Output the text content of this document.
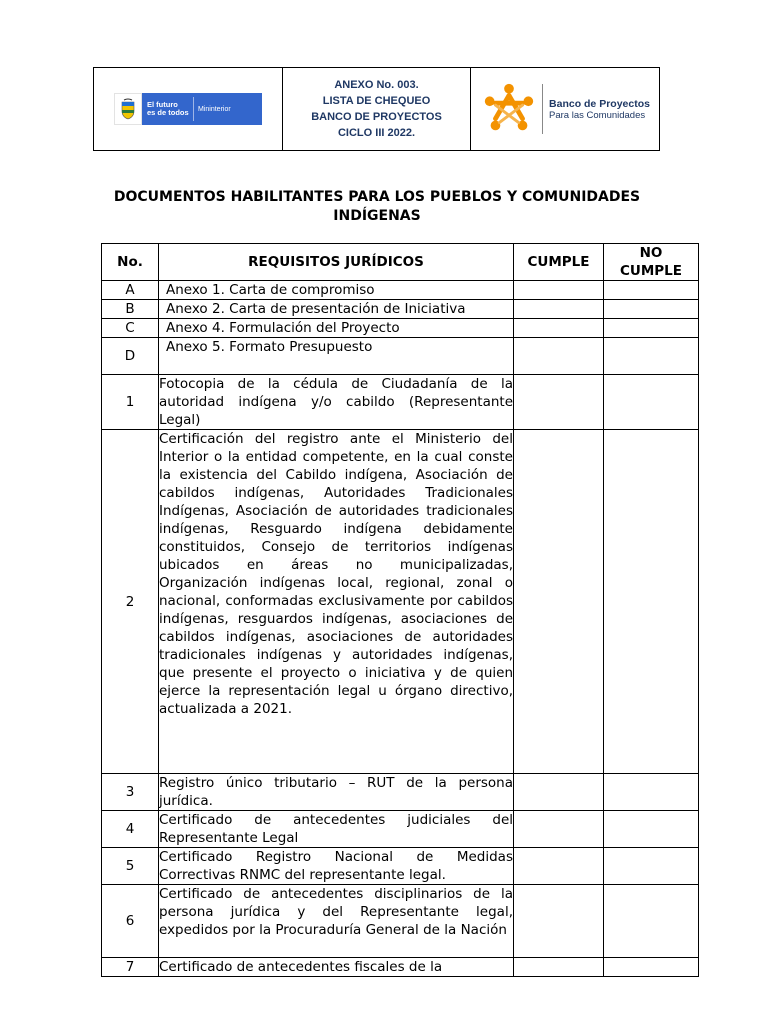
El futuro
es de todos Mininterior
ANEXO No. 003.
LISTA DE CHEQUEO
BANCO DE PROYECTOS
CICLO III 2022.
Banco de Proyectos
Para las Comunidades
DOCUMENTOS HABILITANTES PARA LOS PUEBLOS Y COMUNIDADES
INDÍGENAS
No.	REQUISITOS JURÍDICOS	CUMPLE	NO
CUMPLE

A	Anexo 1. Carta de compromiso		
B	Anexo 2. Carta de presentación de Iniciativa		
C	Anexo 4. Formulación del Proyecto		
D	Anexo 5. Formato Presupuesto		
1	Fotocopia de la cédula de Ciudadanía de la autoridad indígena y/o cabildo (Representante Legal)		
2	Certificación del registro ante el Ministerio del Interior o la entidad competente, en la cual conste la existencia del Cabildo indígena, Asociación de cabildos indígenas, Autoridades Tradicionales Indígenas, Asociación de autoridades tradicionales indígenas, Resguardo indígena debidamente constituidos, Consejo de territorios indígenas ubicados en áreas no municipalizadas, Organización indígenas local, regional, zonal o nacional, conformadas exclusivamente por cabildos indígenas, resguardos indígenas, asociaciones de cabildos indígenas, asociaciones de autoridades tradicionales indígenas y autoridades indígenas, que presente el proyecto o iniciativa y de quien ejerce la representación legal u órgano directivo, actualizada a 2021.		
3	Registro único tributario – RUT de la persona jurídica.		
4	Certificado de antecedentes judiciales del Representante Legal		
5	Certificado Registro Nacional de Medidas Correctivas RNMC del representante legal.		
6	Certificado de antecedentes disciplinarios de la persona jurídica y del Representante legal, expedidos por la Procuraduría General de la Nación		
7	Certificado de antecedentes fiscales de la		
